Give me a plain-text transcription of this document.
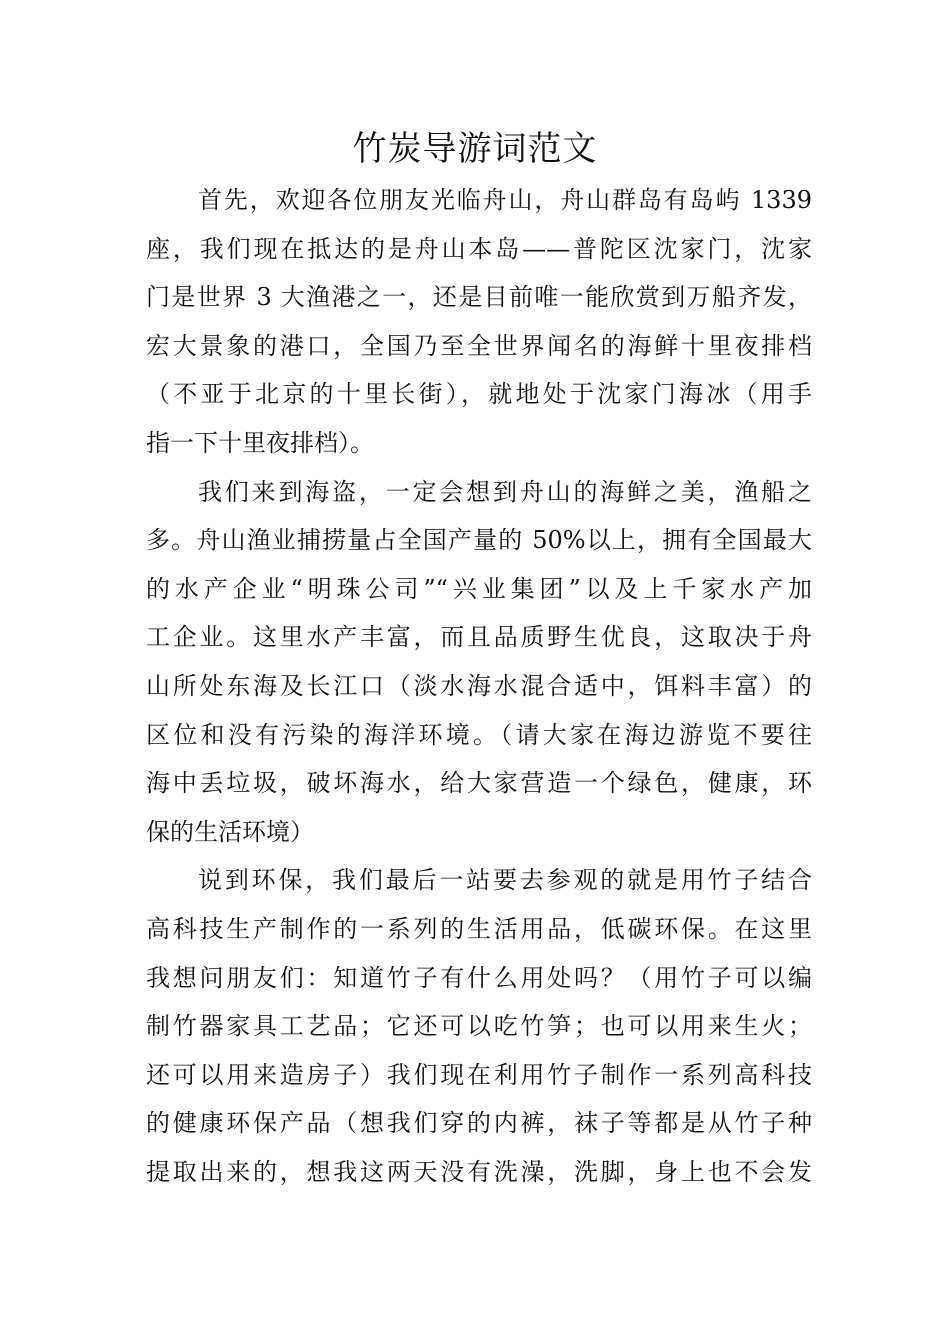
竹炭导游词范文
首先，欢迎各位朋友光临舟山，舟山群岛有岛屿 1339
座，我们现在抵达的是舟山本岛——普陀区沈家门，沈家
门是世界 3 大渔港之一，还是目前唯一能欣赏到万船齐发，
宏大景象的港口，全国乃至全世界闻名的海鲜十里夜排档
（不亚于北京的十里长街），就地处于沈家门海冰（用手
指一下十里夜排档）。
我们来到海盗，一定会想到舟山的海鲜之美，渔船之
多。舟山渔业捕捞量占全国产量的 50%以上，拥有全国最大
的水产企业“明珠公司”“兴业集团”以及上千家水产加
工企业。这里水产丰富，而且品质野生优良，这取决于舟
山所处东海及长江口（淡水海水混合适中，饵料丰富）的
区位和没有污染的海洋环境。（请大家在海边游览不要往
海中丢垃圾，破坏海水，给大家营造一个绿色，健康，环
保的生活环境）
说到环保，我们最后一站要去参观的就是用竹子结合
高科技生产制作的一系列的生活用品，低碳环保。在这里
我想问朋友们：知道竹子有什么用处吗？（用竹子可以编
制竹器家具工艺品；它还可以吃竹笋；也可以用来生火；
还可以用来造房子）我们现在利用竹子制作一系列高科技
的健康环保产品（想我们穿的内裤，袜子等都是从竹子种
提取出来的，想我这两天没有洗澡，洗脚，身上也不会发
